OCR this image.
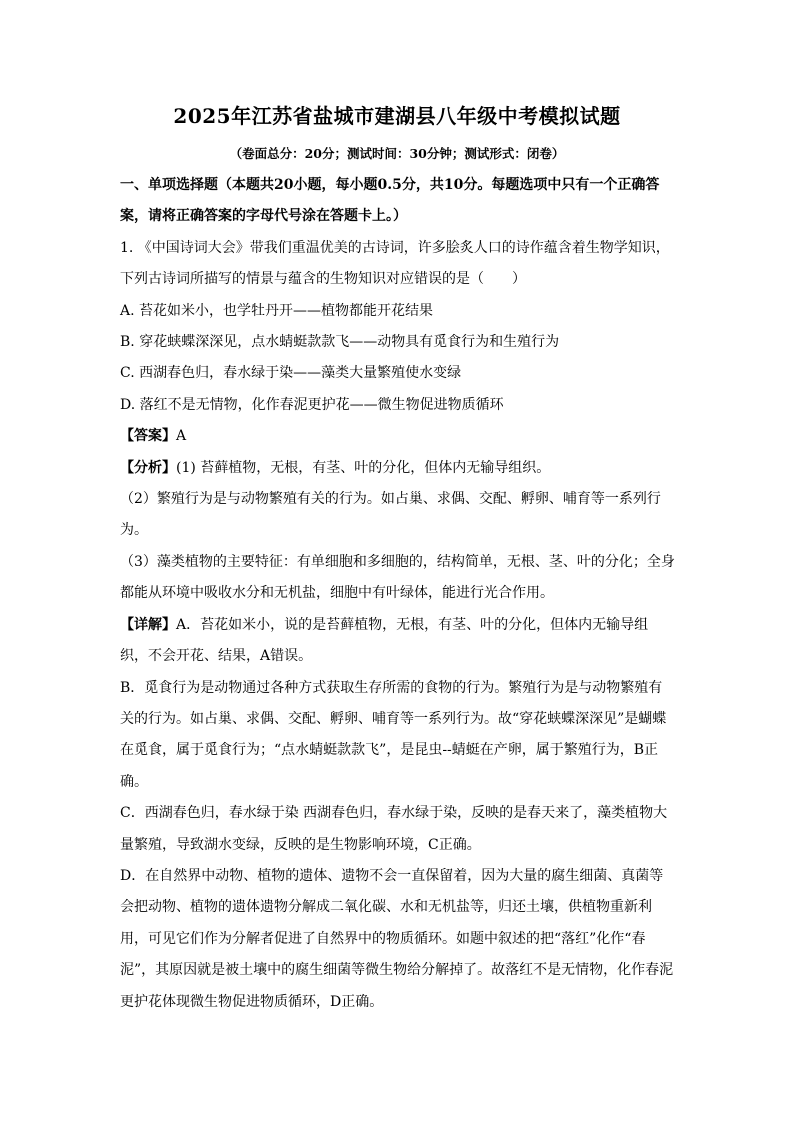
2025年江苏省盐城市建湖县八年级中考模拟试题
（卷面总分：20分；测试时间：30分钟；测试形式：闭卷）

一、单项选择题（本题共20小题，每小题0.5分，共10分。每题选项中只有一个正确答

案，请将正确答案的字母代号涂在答题卡上。）

1. 《中国诗词大会》带我们重温优美的古诗词，许多脍炙人口的诗作蕴含着生物学知识，

下列古诗词所描写的情景与蕴含的生物知识对应错误的是（　　）

A. 苔花如米小，也学牡丹开——植物都能开花结果

B. 穿花蛱蝶深深见，点水蜻蜓款款飞——动物具有觅食行为和生殖行为

C. 西湖春色归，春水绿于染——藻类大量繁殖使水变绿

D. 落红不是无情物，化作春泥更护花——微生物促进物质循环

【答案】A

【分析】(1) 苔藓植物，无根，有茎、叶的分化，但体内无输导组织。

（2）繁殖行为是与动物繁殖有关的行为。如占巢、求偶、交配、孵卵、哺育等一系列行

为。

（3）藻类植物的主要特征：有单细胞和多细胞的，结构简单，无根、茎、叶的分化；全身

都能从环境中吸收水分和无机盐，细胞中有叶绿体，能进行光合作用。

【详解】A．苔花如米小，说的是苔藓植物，无根，有茎、叶的分化，但体内无输导组

织，不会开花、结果，A错误。

B．觅食行为是动物通过各种方式获取生存所需的食物的行为。繁殖行为是与动物繁殖有

关的行为。如占巢、求偶、交配、孵卵、哺育等一系列行为。故“穿花蛱蝶深深见”是蝴蝶

在觅食，属于觅食行为；“点水蜻蜓款款飞”，是昆虫--蜻蜓在产卵，属于繁殖行为，B正

确。

C．西湖春色归，春水绿于染 西湖春色归，春水绿于染，反映的是春天来了，藻类植物大

量繁殖，导致湖水变绿，反映的是生物影响环境，C正确。

D．在自然界中动物、植物的遗体、遗物不会一直保留着，因为大量的腐生细菌、真菌等

会把动物、植物的遗体遗物分解成二氧化碳、水和无机盐等，归还土壤，供植物重新利

用，可见它们作为分解者促进了自然界中的物质循环。如题中叙述的把“落红”化作“春

泥”，其原因就是被土壤中的腐生细菌等微生物给分解掉了。故落红不是无情物，化作春泥

更护花体现微生物促进物质循环，D正确。
